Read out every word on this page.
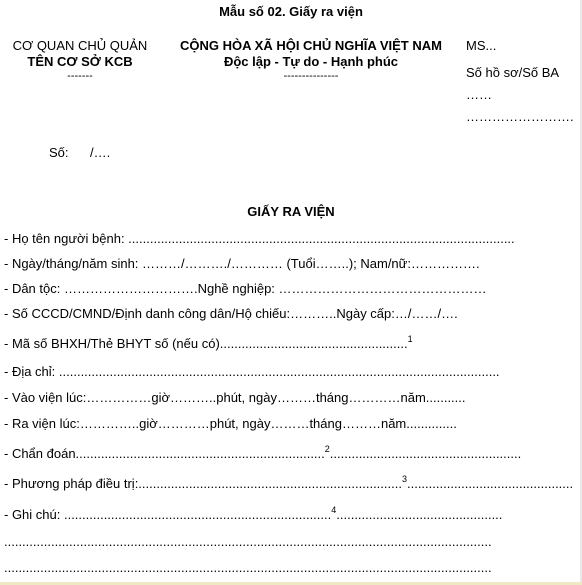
Mẫu số 02. Giấy ra viện
CƠ QUAN CHỦ QUẢN
TÊN CƠ SỞ KCB
-------
CỘNG HÒA XÃ HỘI CHỦ NGHĨA VIỆT NAM
Độc lập - Tự do - Hạnh phúc
---------------
MS...
Số hồ sơ/Số BA
……
…………………….
Số: /….
GIẤY RA VIỆN
- Họ tên người bệnh: ...........................................................................................................
- Ngày/tháng/năm sinh: ………/………./………… (Tuổi……..); Nam/nữ:…………….
- Dân tộc: ………………………….Nghề nghiệp: …………………………………………
- Số CCCD/CMND/Định danh công dân/Hộ chiếu:………..Ngày cấp:…/……/….
- Mã số BHXH/Thẻ BHYT số (nếu có)....................................................$^1$
- Địa chỉ: ..........................................................................................................................
- Vào viện lúc:……………giờ………..phút, ngày………tháng…………năm...........
- Ra viện lúc:…………..giờ…………phút, ngày………tháng………năm..............
- Chẩn đoán.....................................................................$^2$.....................................................
- Phương pháp điều trị:.........................................................................$^3$..............................................
- Ghi chú: ..........................................................................$^4$..............................................
.......................................................................................................................................
.......................................................................................................................................
